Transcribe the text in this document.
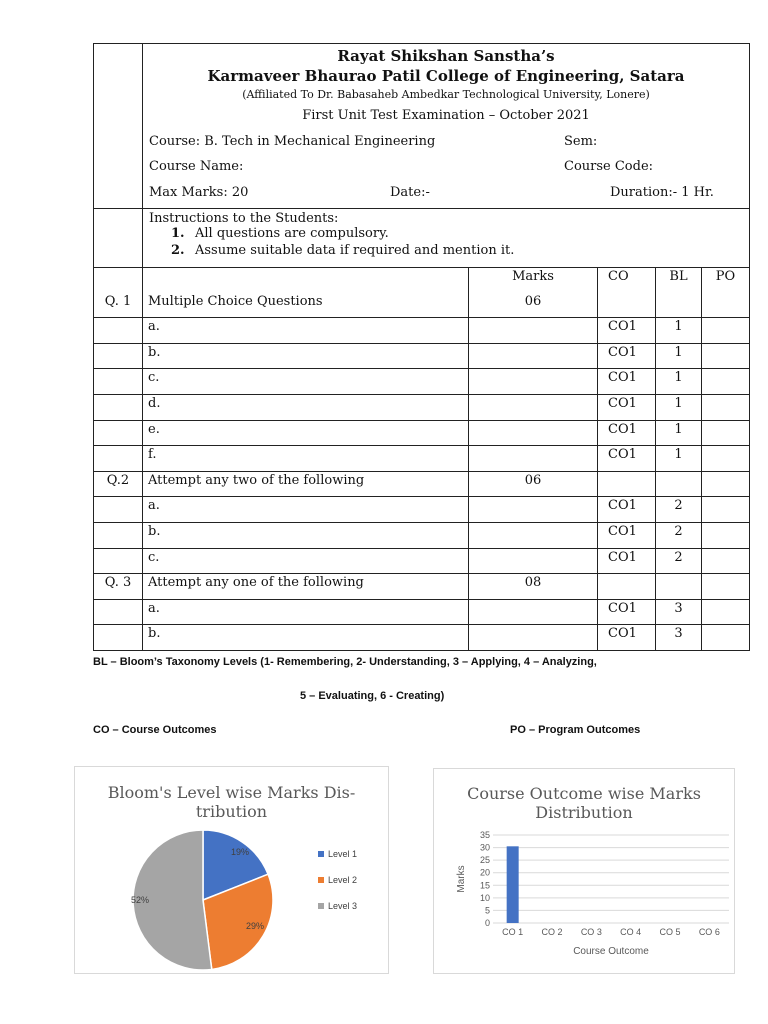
Rayat Shikshan Sanstha’s
Karmaveer Bhaurao Patil College of Engineering, Satara
(Affiliated To Dr. Babasaheb Ambedkar Technological University, Lonere)
First Unit Test Examination – October 2021
Course: B. Tech in Mechanical Engineering	Sem:
Course Name:	Course Code:
Max Marks: 20	Date:-	Duration:- 1 Hr.
Instructions to the Students:
1. All questions are compulsory.
2. Assume suitable data if required and mention it.
		Marks	CO	BL	PO
Q. 1	Multiple Choice Questions	06			
	a.		CO1	1	
	b.		CO1	1	
	c.		CO1	1	
	d.		CO1	1	
	e.		CO1	1	
	f.		CO1	1	
Q.2	Attempt any two of the following	06			
	a.		CO1	2	
	b.		CO1	2	
	c.		CO1	2	
Q. 3	Attempt any one of the following	08			
	a.		CO1	3	
	b.		CO1	3	
BL – Bloom’s Taxonomy Levels (1- Remembering, 2- Understanding, 3 – Applying, 4 – Analyzing,
5 – Evaluating, 6 - Creating)
CO – Course Outcomes	PO – Program Outcomes
Bloom's Level wise Marks Dis-
tribution
19%
29%
52%
Level 1
Level 2
Level 3
Course Outcome wise Marks
Distribution
0
5
10
15
20
25
30
35
CO 1 CO 2 CO 3 CO 4 CO 5 CO 6
Course Outcome
Marks
